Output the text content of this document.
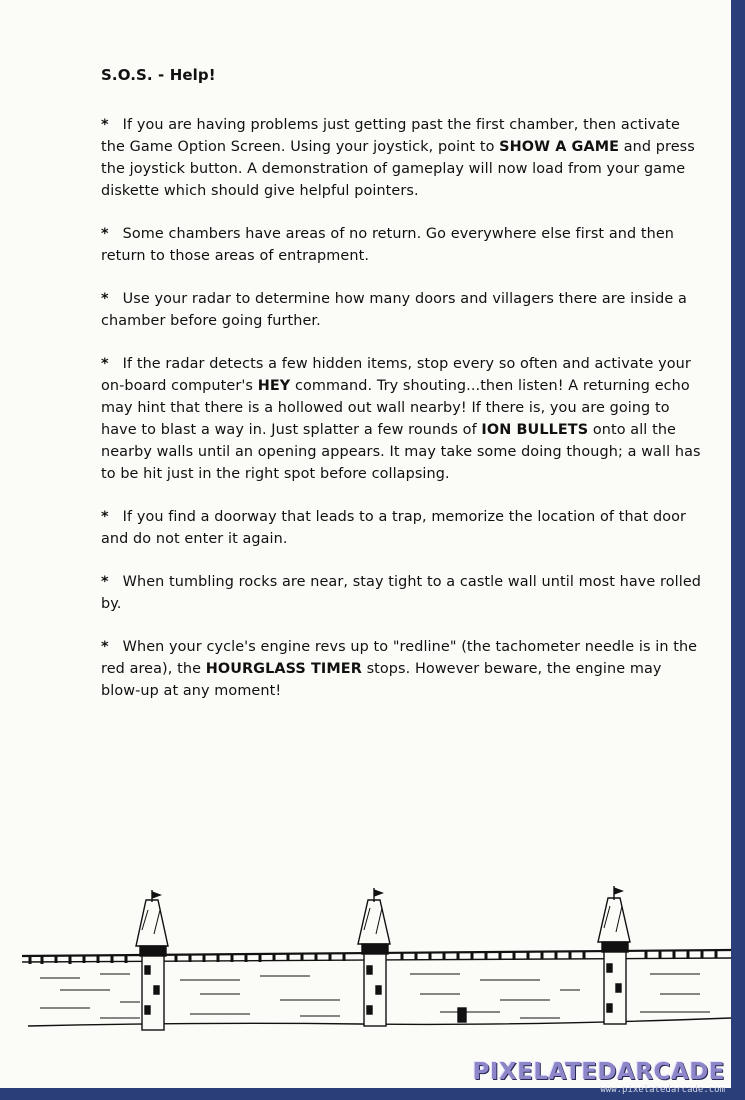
S.O.S. - Help!
* If you are having problems just getting past the first chamber, then activate the Game Option Screen. Using your joystick, point to SHOW A GAME and press the joystick button. A demonstration of gameplay will now load from your game diskette which should give helpful pointers.
* Some chambers have areas of no return. Go everywhere else first and then return to those areas of entrapment.
* Use your radar to determine how many doors and villagers there are inside a chamber before going further.
* If the radar detects a few hidden items, stop every so often and activate your on-board computer's HEY command. Try shouting...then listen! A returning echo may hint that there is a hollowed out wall nearby! If there is, you are going to have to blast a way in. Just splatter a few rounds of ION BULLETS onto all the nearby walls until an opening appears. It may take some doing though; a wall has to be hit just in the right spot before collapsing.
* If you find a doorway that leads to a trap, memorize the location of that door and do not enter it again.
* When tumbling rocks are near, stay tight to a castle wall until most have rolled by.
* When your cycle's engine revs up to "redline" (the tachometer needle is in the red area), the HOURGLASS TIMER stops. However beware, the engine may blow-up at any moment!
PIXELATEDARCADE
www.pixelatedarcade.com
